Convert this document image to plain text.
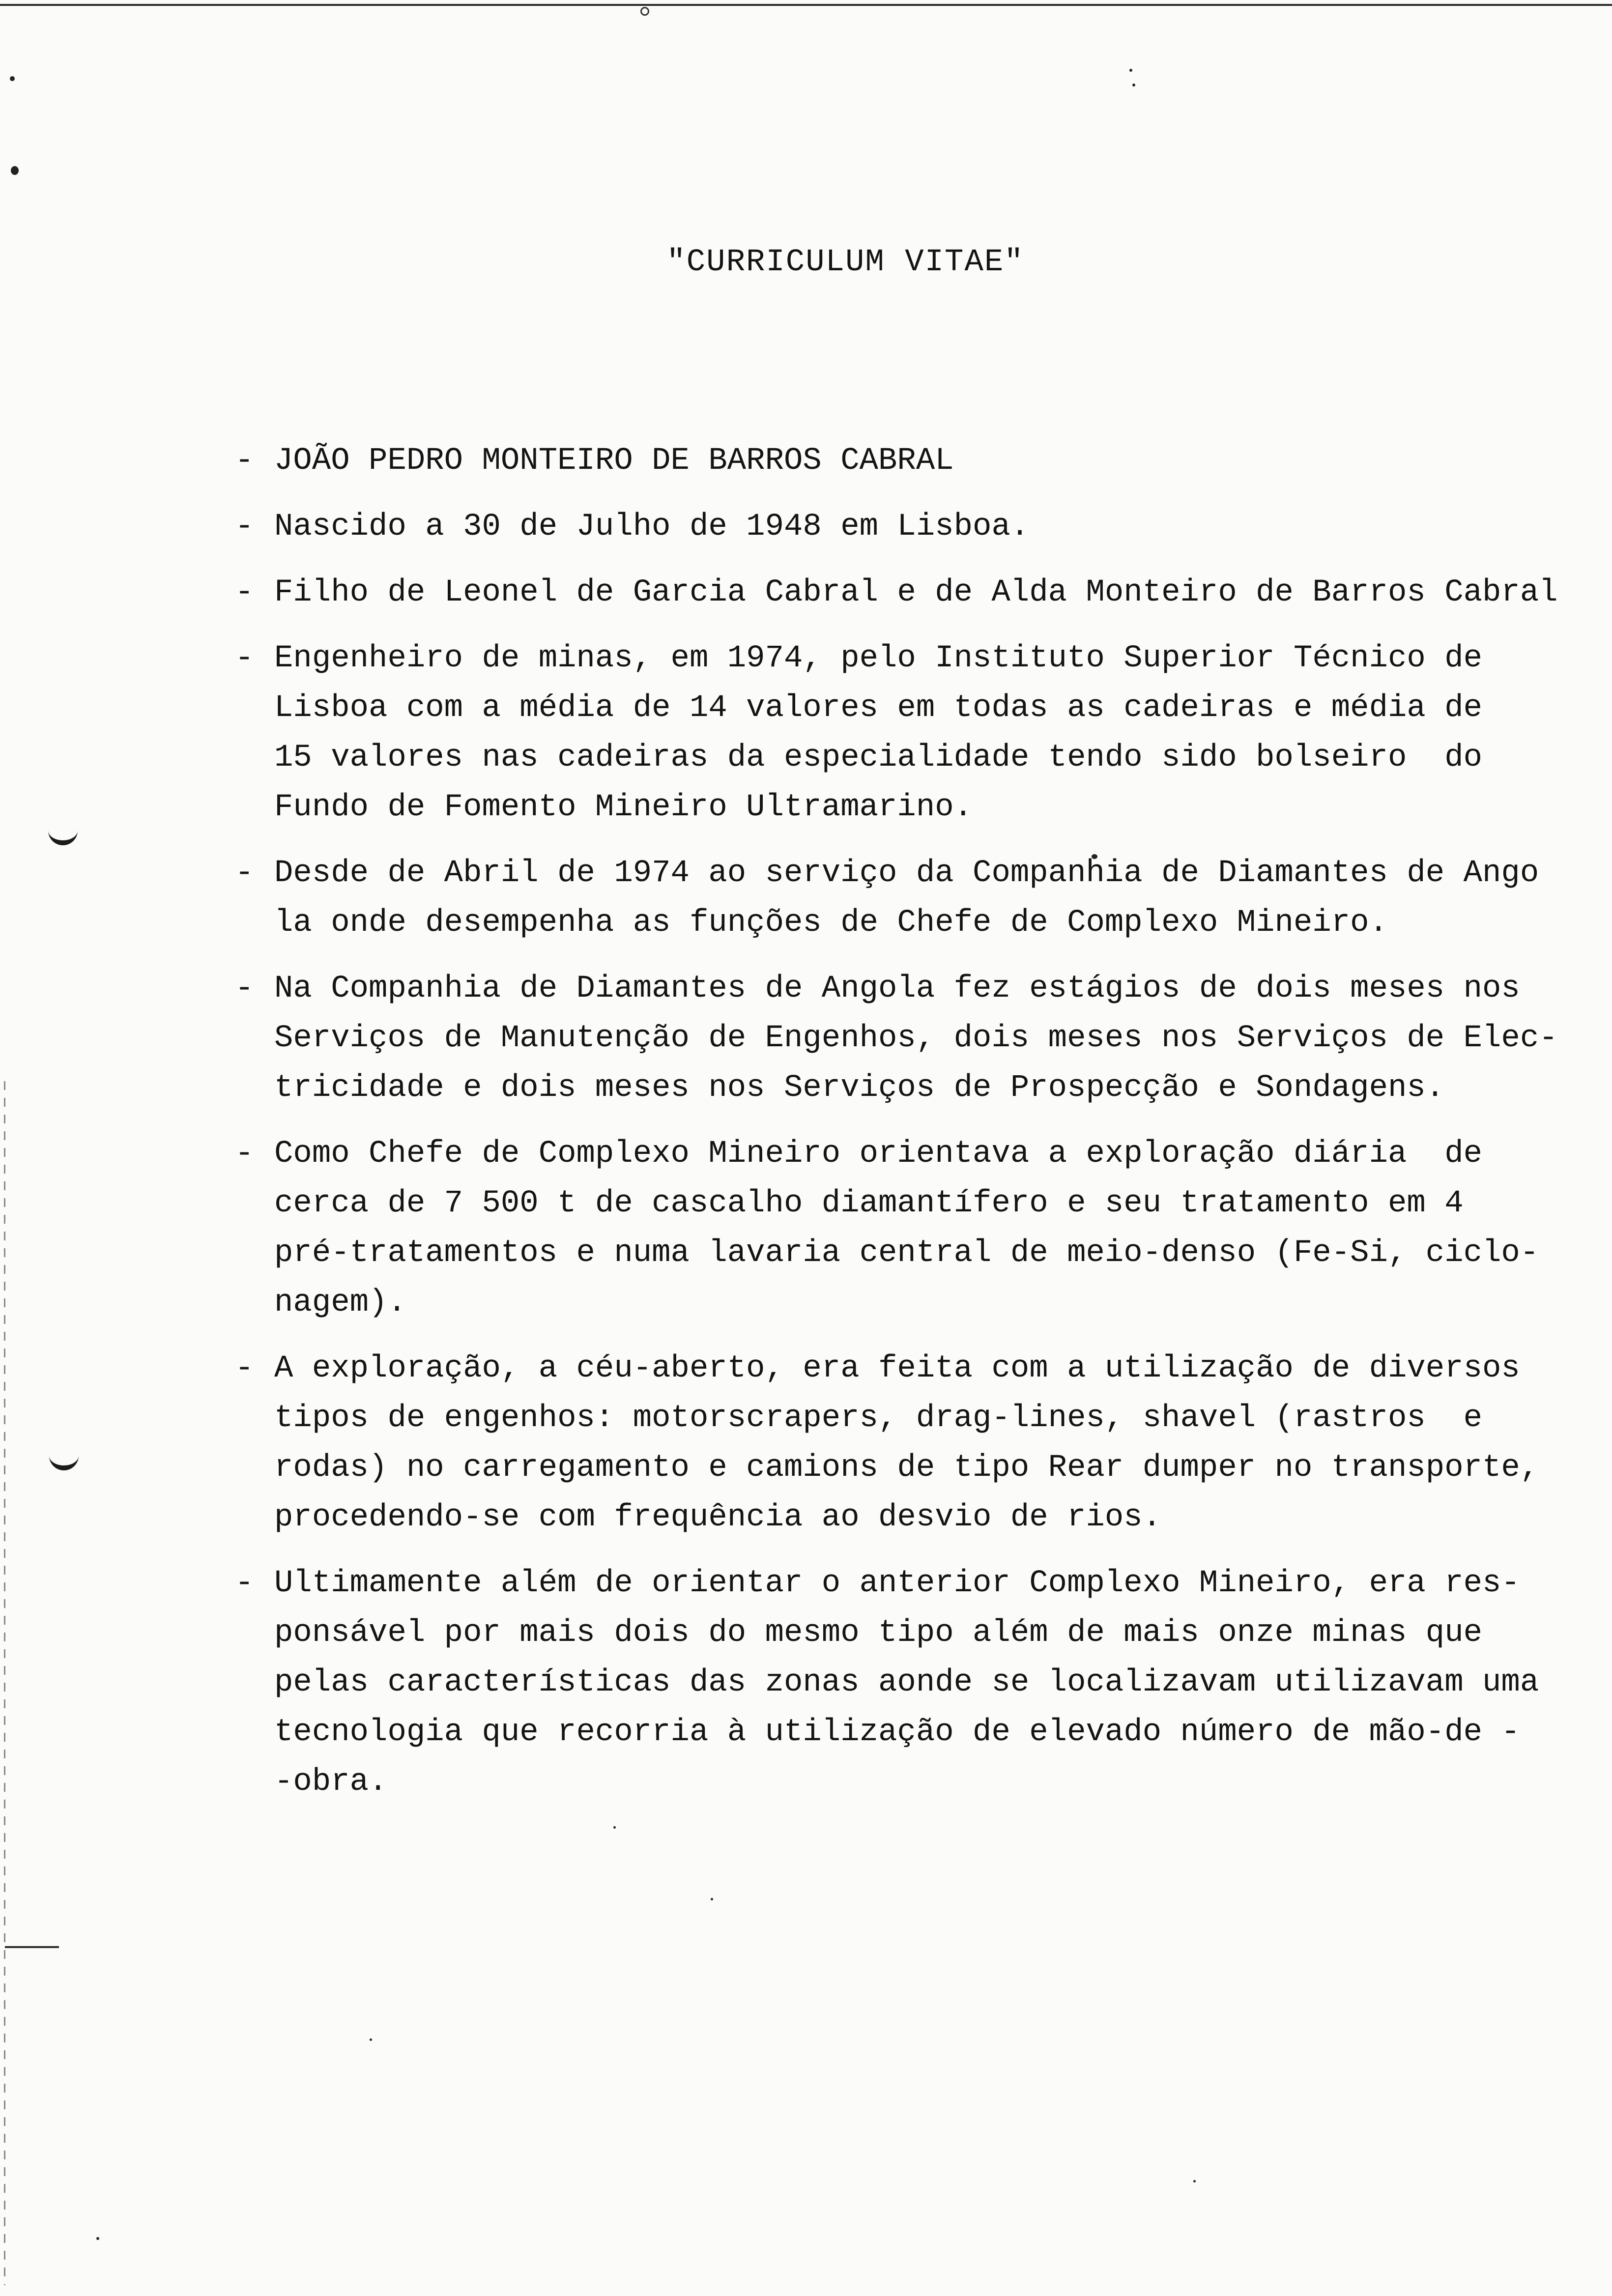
"CURRICULUM VITAE"
- JOÃO PEDRO MONTEIRO DE BARROS CABRAL
- Nascido a 30 de Julho de 1948 em Lisboa.
- Filho de Leonel de Garcia Cabral e de Alda Monteiro de Barros Cabral
- Engenheiro de minas, em 1974, pelo Instituto Superior Técnico de
Lisboa com a média de 14 valores em todas as cadeiras e média de
15 valores nas cadeiras da especialidade tendo sido bolseiro  do
Fundo de Fomento Mineiro Ultramarino.
- Desde de Abril de 1974 ao serviço da Companhia de Diamantes de Ango
la onde desempenha as funções de Chefe de Complexo Mineiro.
- Na Companhia de Diamantes de Angola fez estágios de dois meses nos
Serviços de Manutenção de Engenhos, dois meses nos Serviços de Elec-
tricidade e dois meses nos Serviços de Prospecção e Sondagens.
- Como Chefe de Complexo Mineiro orientava a exploração diária  de
cerca de 7 500 t de cascalho diamantífero e seu tratamento em 4
pré-tratamentos e numa lavaria central de meio-denso (Fe-Si, ciclo-
nagem).
- A exploração, a céu-aberto, era feita com a utilização de diversos
tipos de engenhos: motorscrapers, drag-lines, shavel (rastros  e
rodas) no carregamento e camions de tipo Rear dumper no transporte,
procedendo-se com frequência ao desvio de rios.
- Ultimamente além de orientar o anterior Complexo Mineiro, era res-
ponsável por mais dois do mesmo tipo além de mais onze minas que
pelas características das zonas aonde se localizavam utilizavam uma
tecnologia que recorria à utilização de elevado número de mão-de -
-obra.
